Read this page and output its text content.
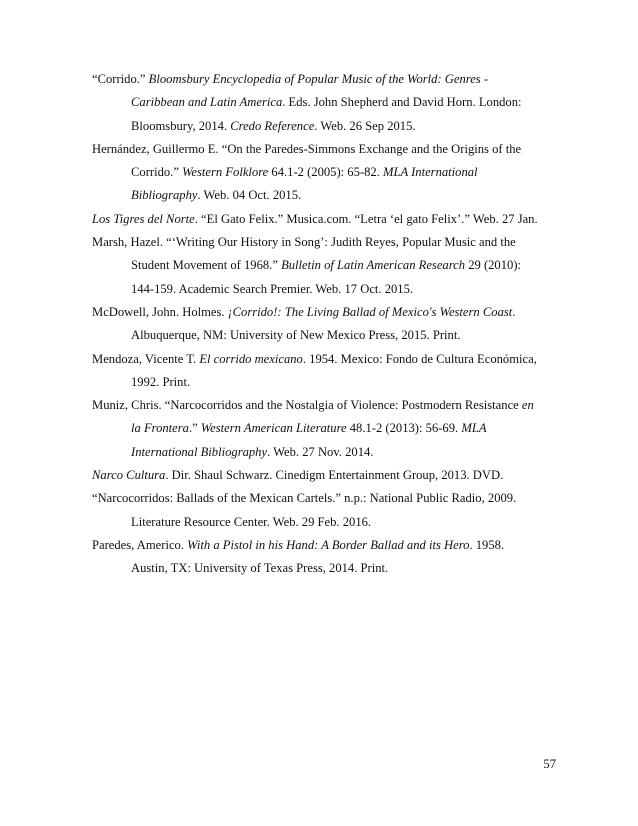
“Corrido.” Bloomsbury Encyclopedia of Popular Music of the World: Genres -
Caribbean and Latin America. Eds. John Shepherd and David Horn. London:
Bloomsbury, 2014. Credo Reference. Web. 26 Sep 2015.
Hernández, Guillermo E. “On the Paredes-Simmons Exchange and the Origins of the
Corrido.” Western Folklore 64.1-2 (2005): 65-82. MLA International
Bibliography. Web. 04 Oct. 2015.
Los Tigres del Norte. “El Gato Felix.” Musica.com. “Letra ‘el gato Felix’.” Web. 27 Jan.
Marsh, Hazel. “‘Writing Our History in Song’: Judith Reyes, Popular Music and the
Student Movement of 1968.” Bulletin of Latin American Research 29 (2010):
144-159. Academic Search Premier. Web. 17 Oct. 2015.
McDowell, John. Holmes. ¡Corrido!: The Living Ballad of Mexico's Western Coast.
Albuquerque, NM: University of New Mexico Press, 2015. Print.
Mendoza, Vicente T. El corrido mexicano. 1954. Mexico: Fondo de Cultura Económica,
1992. Print.
Muniz, Chris. “Narcocorridos and the Nostalgia of Violence: Postmodern Resistance en
la Frontera.” Western American Literature 48.1-2 (2013): 56-69. MLA
International Bibliography. Web. 27 Nov. 2014.
Narco Cultura. Dir. Shaul Schwarz. Cinedigm Entertainment Group, 2013. DVD.
“Narcocorridos: Ballads of the Mexican Cartels.” n.p.: National Public Radio, 2009.
Literature Resource Center. Web. 29 Feb. 2016.
Paredes, Americo. With a Pistol in his Hand: A Border Ballad and its Hero. 1958.
Austin, TX: University of Texas Press, 2014. Print.
57
